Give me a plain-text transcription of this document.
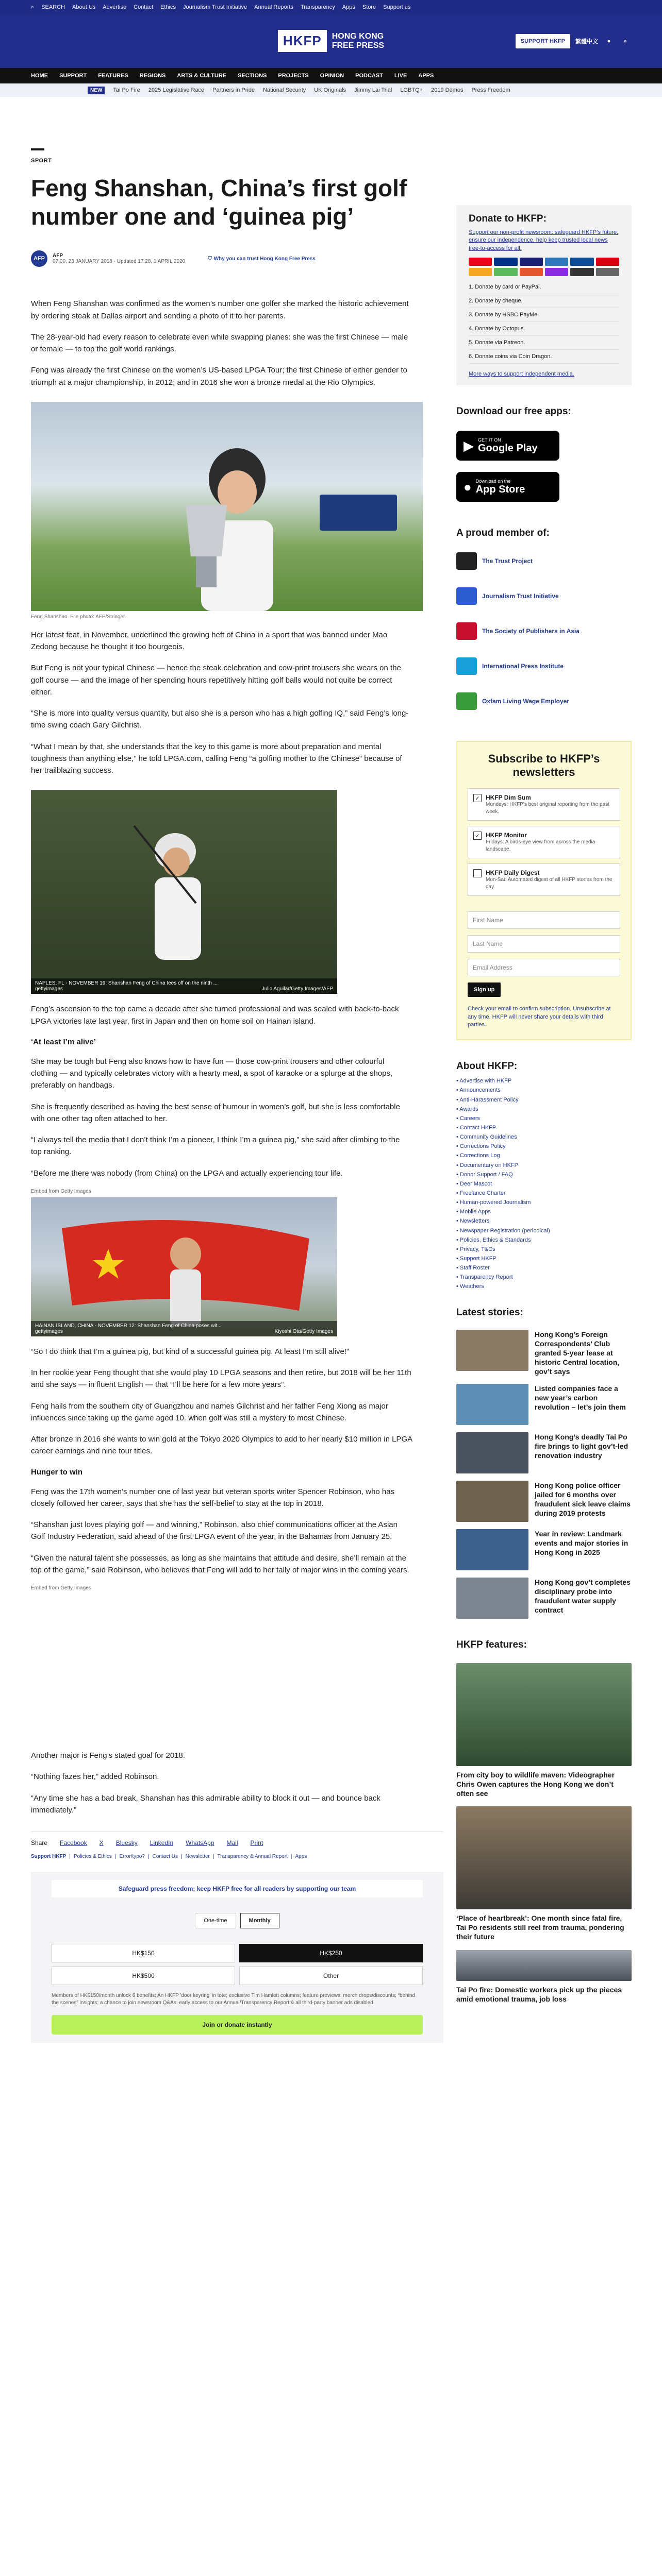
⌕ SEARCH About Us Advertise Contact Ethics Journalism Trust Initiative Annual Reports Transparency Apps Store Support us
HKFP	HONG KONG
FREE PRESS	SUPPORT HKFP	繁體中文	●	⌕
HOME SUPPORT FEATURES REGIONS ARTS & CULTURE SECTIONS PROJECTS OPINION PODCAST LIVE APPS
NEW	Tai Po Fire 2025 Legislative Race Partners in Pride National Security UK Originals Jimmy Lai Trial LGBTQ+ 2019 Demos Press Freedom
SPORT
Feng Shanshan, China’s first golf number one and ‘guinea pig’
AFP	AFP
07:00, 23 JANUARY 2018 · Updated 17:28, 1 APRIL 2020	⛉ Why you can trust Hong Kong Free Press

When Feng Shanshan was confirmed as the women’s number one golfer she marked the historic achievement by ordering steak at Dallas airport and sending a photo of it to her parents.

The 28-year-old had every reason to celebrate even while swapping planes: she was the first Chinese — male or female — to top the golf world rankings.

Feng was already the first Chinese on the women’s US-based LPGA Tour; the first Chinese of either gender to triumph at a major championship, in 2012; and in 2016 she won a bronze medal at the Rio Olympics.

Feng Shanshan. File photo: AFP/Stringer.

Her latest feat, in November, underlined the growing heft of China in a sport that was banned under Mao Zedong because he thought it too bourgeois.

But Feng is not your typical Chinese — hence the steak celebration and cow-print trousers she wears on the golf course — and the image of her spending hours repetitively hitting golf balls would not quite be correct either.

“She is more into quality versus quantity, but also she is a person who has a high golfing IQ,” said Feng’s long-time swing coach Gary Gilchrist.

“What I mean by that, she understands that the key to this game is more about preparation and mental toughness than anything else,” he told LPGA.com, calling Feng “a golfing mother to the Chinese” because of her trailblazing success.

NAPLES, FL - NOVEMBER 19: Shanshan Feng of China tees off on the ninth ...
gettyimages	Julio Aguilar/Getty Images/AFP

Feng’s ascension to the top came a decade after she turned professional and was sealed with back-to-back LPGA victories late last year, first in Japan and then on home soil on Hainan island.

‘At least I’m alive’

She may be tough but Feng also knows how to have fun — those cow-print trousers and other colourful clothing — and typically celebrates victory with a hearty meal, a spot of karaoke or a splurge at the shops, preferably on handbags.

She is frequently described as having the best sense of humour in women’s golf, but she is less comfortable with one other tag often attached to her.

“I always tell the media that I don’t think I’m a pioneer, I think I’m a guinea pig,” she said after climbing to the top ranking.

“Before me there was nobody (from China) on the LPGA and actually experiencing tour life.

Embed from Getty Images
HAINAN ISLAND, CHINA - NOVEMBER 12: Shanshan Feng of China poses wit...
gettyimages	Kiyoshi Ota/Getty Images

“So I do think that I’m a guinea pig, but kind of a successful guinea pig. At least I’m still alive!”

In her rookie year Feng thought that she would play 10 LPGA seasons and then retire, but 2018 will be her 11th and she says — in fluent English — that “I’ll be here for a few more years”.

Feng hails from the southern city of Guangzhou and names Gilchrist and her father Feng Xiong as major influences since taking up the game aged 10. when golf was still a mystery to most Chinese.

After bronze in 2016 she wants to win gold at the Tokyo 2020 Olympics to add to her nearly $10 million in LPGA career earnings and nine tour titles.

Hunger to win

Feng was the 17th women’s number one of last year but veteran sports writer Spencer Robinson, who has closely followed her career, says that she has the self-belief to stay at the top in 2018.

“Shanshan just loves playing golf — and winning,” Robinson, also chief communications officer at the Asian Golf Industry Federation, said ahead of the first LPGA event of the year, in the Bahamas from January 25.

“Given the natural talent she possesses, as long as she maintains that attitude and desire, she’ll remain at the top of the game,” said Robinson, who believes that Feng will add to her tally of major wins in the coming years.

Embed from Getty Images

Another major is Feng’s stated goal for 2018.

“Nothing fazes her,” added Robinson.

“Any time she has a bad break, Shanshan has this admirable ability to block it out — and bounce back immediately.”

Share Facebook X Bluesky LinkedIn WhatsApp Mail Print
Support HKFP | Policies & Ethics | Error/typo? | Contact Us | Newsletter | Transparency & Annual Report | Apps
Safeguard press freedom; keep HKFP free for all readers by supporting our team
One-time	Monthly
HK$150	HK$250
HK$500	Other
Members of HK$150/month unlock 6 benefits: An HKFP 'door keyring' in tote; exclusive Tim Hamlett columns; feature previews; merch drops/discounts; “behind the scenes” insights; a chance to join newsroom Q&As; early access to our Annual/Transparency Report & all third-party banner ads disabled.
Join or donate instantly
Donate to HKFP:
Support our non-profit newsroom: safeguard HKFP’s future, ensure our independence, help keep trusted local news free-to-access for all.
1. Donate by card or PayPal.
2. Donate by cheque.
3. Donate by HSBC PayMe.
4. Donate by Octopus.
5. Donate via Patreon.
6. Donate coins via Coin Dragon.
More ways to support independent media.
Download our free apps:
▶ GET IT ON
Google Play
● Download on the
App Store
A proud member of:
The Trust Project
Journalism Trust Initiative
The Society of Publishers in Asia
International Press Institute
Oxfam Living Wage Employer
Subscribe to HKFP’s newsletters
✓ HKFP Dim Sum
Mondays: HKFP’s best original reporting from the past week.
✓ HKFP Monitor
Fridays: A birds-eye view from across the media landscape.
HKFP Daily Digest
Mon-Sat: Automated digest of all HKFP stories from the day.
First Name
Last Name
Email Address
Sign up
Check your email to confirm subscription. Unsubscribe at any time. HKFP will never share your details with third parties.
About HKFP:
• Advertise with HKFP
• Announcements
• Anti-Harassment Policy
• Awards
• Careers
• Contact HKFP
• Community Guidelines
• Corrections Policy
• Corrections Log
• Documentary on HKFP
• Donor Support / FAQ
• Deer Mascot
• Freelance Charter
• Human-powered Journalism
• Mobile Apps
• Newsletters
• Newspaper Registration (periodical)
• Policies, Ethics & Standards
• Privacy, T&Cs
• Support HKFP
• Staff Roster
• Transparency Report
• Weathers
Latest stories:
Hong Kong’s Foreign Correspondents’ Club granted 5-year lease at historic Central location, gov’t says
Listed companies face a new year’s carbon revolution – let’s join them
Hong Kong’s deadly Tai Po fire brings to light gov’t-led renovation industry
Hong Kong police officer jailed for 6 months over fraudulent sick leave claims during 2019 protests
Year in review: Landmark events and major stories in Hong Kong in 2025
Hong Kong gov’t completes disciplinary probe into fraudulent water supply contract
HKFP features:
From city boy to wildlife maven: Videographer Chris Owen captures the Hong Kong we don’t often see
‘Place of heartbreak’: One month since fatal fire, Tai Po residents still reel from trauma, pondering their future
Tai Po fire: Domestic workers pick up the pieces amid emotional trauma, job loss
